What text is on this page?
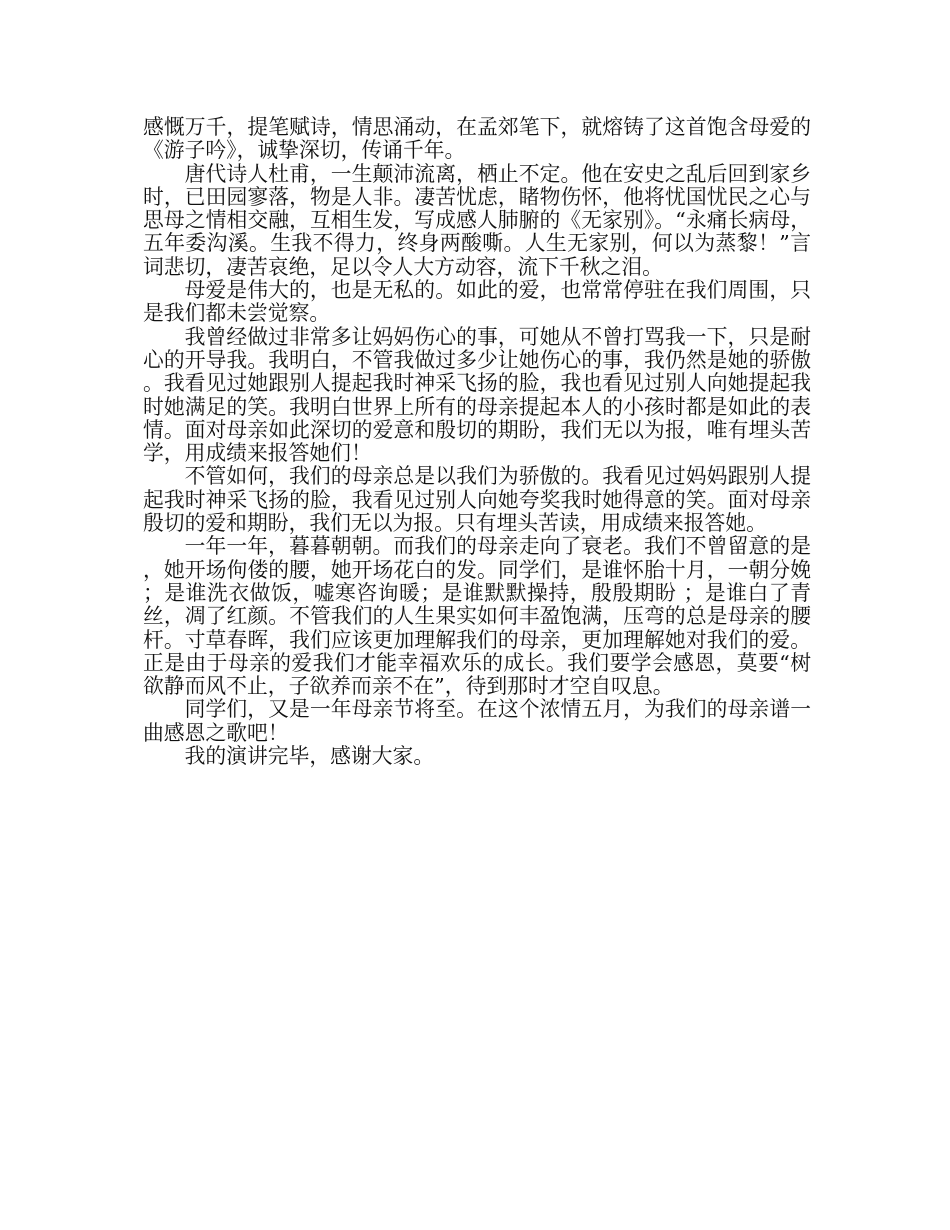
感慨万千，提笔赋诗，情思涌动，在孟郊笔下，就熔铸了这首饱含母爱的《游子吟》，诚挚深切，传诵千年。

唐代诗人杜甫，一生颠沛流离，栖止不定。他在安史之乱后回到家乡时，已田园寥落，物是人非。凄苦忧虑，睹物伤怀，他将忧国忧民之心与思母之情相交融，互相生发，写成感人肺腑的《无家别》。“永痛长病母，五年委沟溪。生我不得力，终身两酸嘶。人生无家别，何以为蒸黎！”言词悲切，凄苦哀绝，足以令人大方动容，流下千秋之泪。

母爱是伟大的，也是无私的。如此的爱，也常常停驻在我们周围，只是我们都未尝觉察。

我曾经做过非常多让妈妈伤心的事，可她从不曾打骂我一下，只是耐心的开导我。我明白，不管我做过多少让她伤心的事，我仍然是她的骄傲。我看见过她跟别人提起我时神采飞扬的脸，我也看见过别人向她提起我时她满足的笑。我明白世界上所有的母亲提起本人的小孩时都是如此的表情。面对母亲如此深切的爱意和殷切的期盼，我们无以为报，唯有埋头苦学，用成绩来报答她们！

不管如何，我们的母亲总是以我们为骄傲的。我看见过妈妈跟别人提起我时神采飞扬的脸，我看见过别人向她夸奖我时她得意的笑。面对母亲殷切的爱和期盼，我们无以为报。只有埋头苦读，用成绩来报答她。

一年一年，暮暮朝朝。而我们的母亲走向了衰老。我们不曾留意的是，她开场佝偻的腰，她开场花白的发。同学们，是谁怀胎十月，一朝分娩；是谁洗衣做饭，嘘寒咨询暖；是谁默默操持，殷殷期盼 ；是谁白了青丝，凋了红颜。不管我们的人生果实如何丰盈饱满，压弯的总是母亲的腰杆。寸草春晖，我们应该更加理解我们的母亲，更加理解她对我们的爱。正是由于母亲的爱我们才能幸福欢乐的成长。我们要学会感恩，莫要“树欲静而风不止，子欲养而亲不在”，待到那时才空自叹息。

同学们，又是一年母亲节将至。在这个浓情五月，为我们的母亲谱一曲感恩之歌吧！

我的演讲完毕，感谢大家。
